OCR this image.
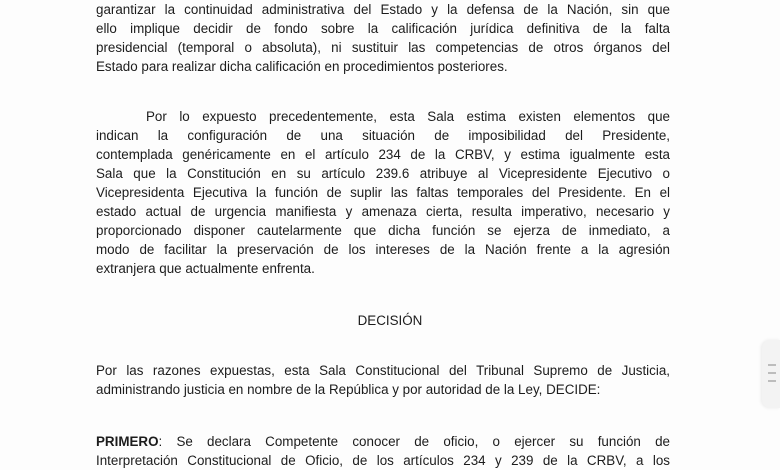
garantizar la continuidad administrativa del Estado y la defensa de la Nación, sin que
ello implique decidir de fondo sobre la calificación jurídica definitiva de la falta
presidencial (temporal o absoluta), ni sustituir las competencias de otros órganos del
Estado para realizar dicha calificación en procedimientos posteriores.
Por lo expuesto precedentemente, esta Sala estima existen elementos que
indican la configuración de una situación de imposibilidad del Presidente,
contemplada genéricamente en el artículo 234 de la CRBV, y estima igualmente esta
Sala que la Constitución en su artículo 239.6 atribuye al Vicepresidente Ejecutivo o
Vicepresidenta Ejecutiva la función de suplir las faltas temporales del Presidente. En el
estado actual de urgencia manifiesta y amenaza cierta, resulta imperativo, necesario y
proporcionado disponer cautelarmente que dicha función se ejerza de inmediato, a
modo de facilitar la preservación de los intereses de la Nación frente a la agresión
extranjera que actualmente enfrenta.
DECISIÓN
Por las razones expuestas, esta Sala Constitucional del Tribunal Supremo de Justicia,
administrando justicia en nombre de la República y por autoridad de la Ley, DECIDE:
PRIMERO: Se declara Competente conocer de oficio, o ejercer su función de
Interpretación Constitucional de Oficio, de los artículos 234 y 239 de la CRBV, a los
